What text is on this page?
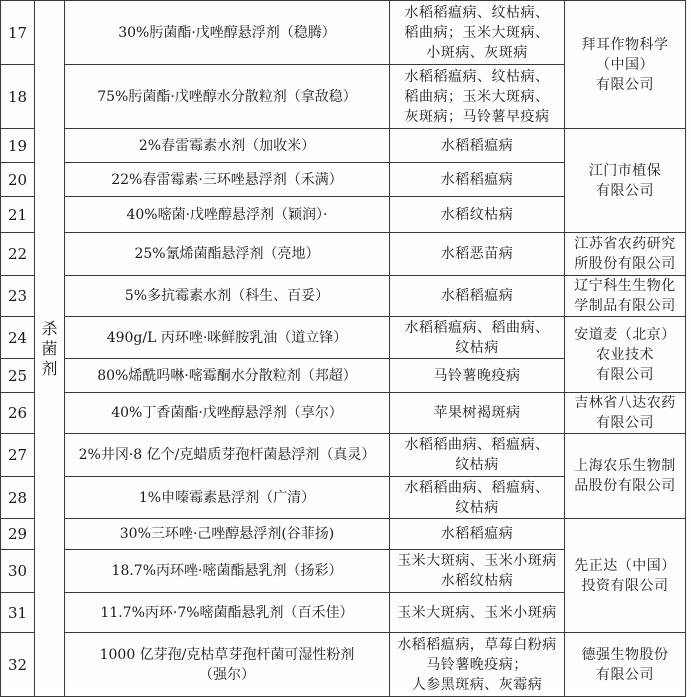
17	杀
菌
剂	30%肟菌酯·戊唑醇悬浮剂（稳腾）	水稻稻瘟病、纹枯病、
稻曲病；玉米大斑病、
小斑病、灰斑病	拜耳作物科学
（中国）
有限公司

18		75%肟菌酯·戊唑醇水分散粒剂（拿敌稳）	水稻稻瘟病、纹枯病、
稻曲病；玉米大斑病、
灰斑病；马铃薯早疫病	

19		2%春雷霉素水剂（加收米）	水稻稻瘟病	江门市植保
有限公司

20		22%春雷霉素·三环唑悬浮剂（禾满）	水稻稻瘟病	

21		40%嘧菌·戊唑醇悬浮剂（颖润）·	水稻纹枯病	

22		25%氰烯菌酯悬浮剂（亮地）	水稻恶苗病	江苏省农药研究
所股份有限公司

23		5%多抗霉素水剂（科生、百妥）	水稻稻瘟病	辽宁科生生物化
学制品有限公司

24		490g/L 丙环唑·咪鲜胺乳油（道立锋）	水稻稻瘟病、稻曲病、
纹枯病	安道麦（北京）
农业技术
有限公司

25		80%烯酰吗啉·嘧霉酮水分散粒剂（邦超）	马铃薯晚疫病	

26		40%丁香菌酯·戊唑醇悬浮剂（享尔）	苹果树褐斑病	吉林省八达农药
有限公司

27		2%井冈·8 亿个/克蜡质芽孢杆菌悬浮剂（真灵）	水稻稻曲病、稻瘟病、
纹枯病	上海农乐生物制
品股份有限公司

28		1%申嗪霉素悬浮剂（广清）	水稻稻曲病、稻瘟病、
纹枯病	

29		30%三环唑·己唑醇悬浮剂(谷菲扬)	水稻稻瘟病	先正达（中国）
投资有限公司

30		18.7%丙环唑·嘧菌酯悬乳剂（扬彩）	玉米大斑病、玉米小斑病
水稻纹枯病	

31		11.7%丙环·7%嘧菌酯悬乳剂（百禾佳）	玉米大斑病、玉米小斑病	

32		1000 亿芽孢/克枯草芽孢杆菌可湿性粉剂
（强尔）	水稻稻瘟病，草莓白粉病
马铃薯晚疫病；
人参黑斑病、灰霉病	德强生物股份
有限公司
